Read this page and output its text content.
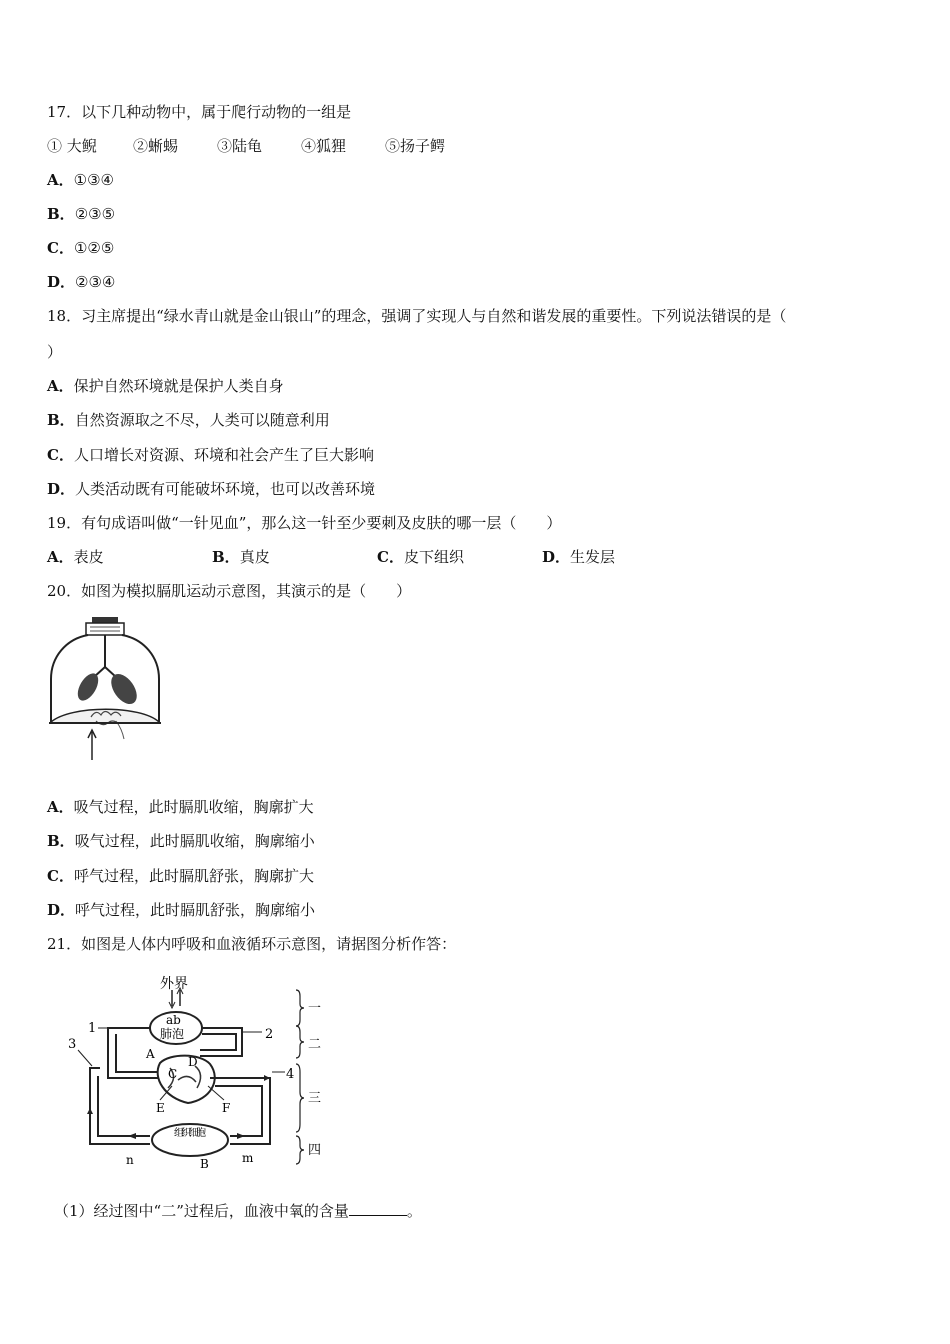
17．以下几种动物中，属于爬行动物的一组是
① 大鲵 ②蜥蜴	③陆龟	④狐狸	⑤扬子鳄
A．①③④
B．②③⑤
C．①②⑤
D．②③④
18．习主席提出“绿水青山就是金山银山”的理念，强调了实现人与自然和谐发展的重要性。下列说法错误的是（
）
A．保护自然环境就是保护人类自身
B．自然资源取之不尽，人类可以随意利用
C．人口增长对资源、环境和社会产生了巨大影响
D．人类活动既有可能破坏环境，也可以改善环境
19．有句成语叫做“一针见血”，那么这一针至少要刺及皮肤的哪一层（　　）
A．表皮	B．真皮	C．皮下组织	D．生发层
20．如图为模拟膈肌运动示意图，其演示的是（　　）
A．吸气过程，此时膈肌收缩，胸廓扩大
B．吸气过程，此时膈肌收缩，胸廓缩小
C．呼气过程，此时膈肌舒张，胸廓扩大
D．呼气过程，此时膈肌舒张，胸廓缩小
21．如图是人体内呼吸和血液循环示意图，请据图分析作答：
外界
ab
肺泡
组织细胞
1	2
3
4
A
B
C
D
E	F
m
n
一
二
三
四
（1）经过图中“二”过程后，血液中氧的含量	。
